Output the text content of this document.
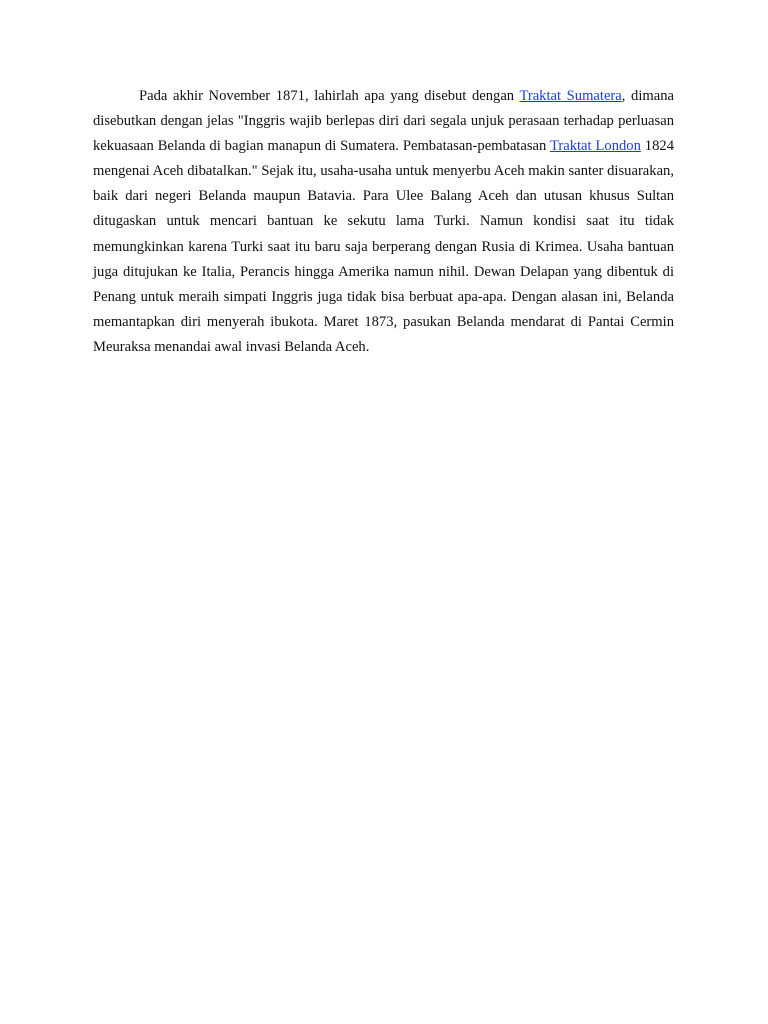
Pada akhir November 1871, lahirlah apa yang disebut dengan Traktat Sumatera, dimana disebutkan dengan jelas "Inggris wajib berlepas diri dari segala unjuk perasaan terhadap perluasan kekuasaan Belanda di bagian manapun di Sumatera. Pembatasan-pembatasan Traktat London 1824 mengenai Aceh dibatalkan." Sejak itu, usaha-usaha untuk menyerbu Aceh makin santer disuarakan, baik dari negeri Belanda maupun Batavia. Para Ulee Balang Aceh dan utusan khusus Sultan ditugaskan untuk mencari bantuan ke sekutu lama Turki. Namun kondisi saat itu tidak memungkinkan karena Turki saat itu baru saja berperang dengan Rusia di Krimea. Usaha bantuan juga ditujukan ke Italia, Perancis hingga Amerika namun nihil. Dewan Delapan yang dibentuk di Penang untuk meraih simpati Inggris juga tidak bisa berbuat apa-apa. Dengan alasan ini, Belanda memantapkan diri menyerah ibukota. Maret 1873, pasukan Belanda mendarat di Pantai Cermin Meuraksa menandai awal invasi Belanda Aceh.
